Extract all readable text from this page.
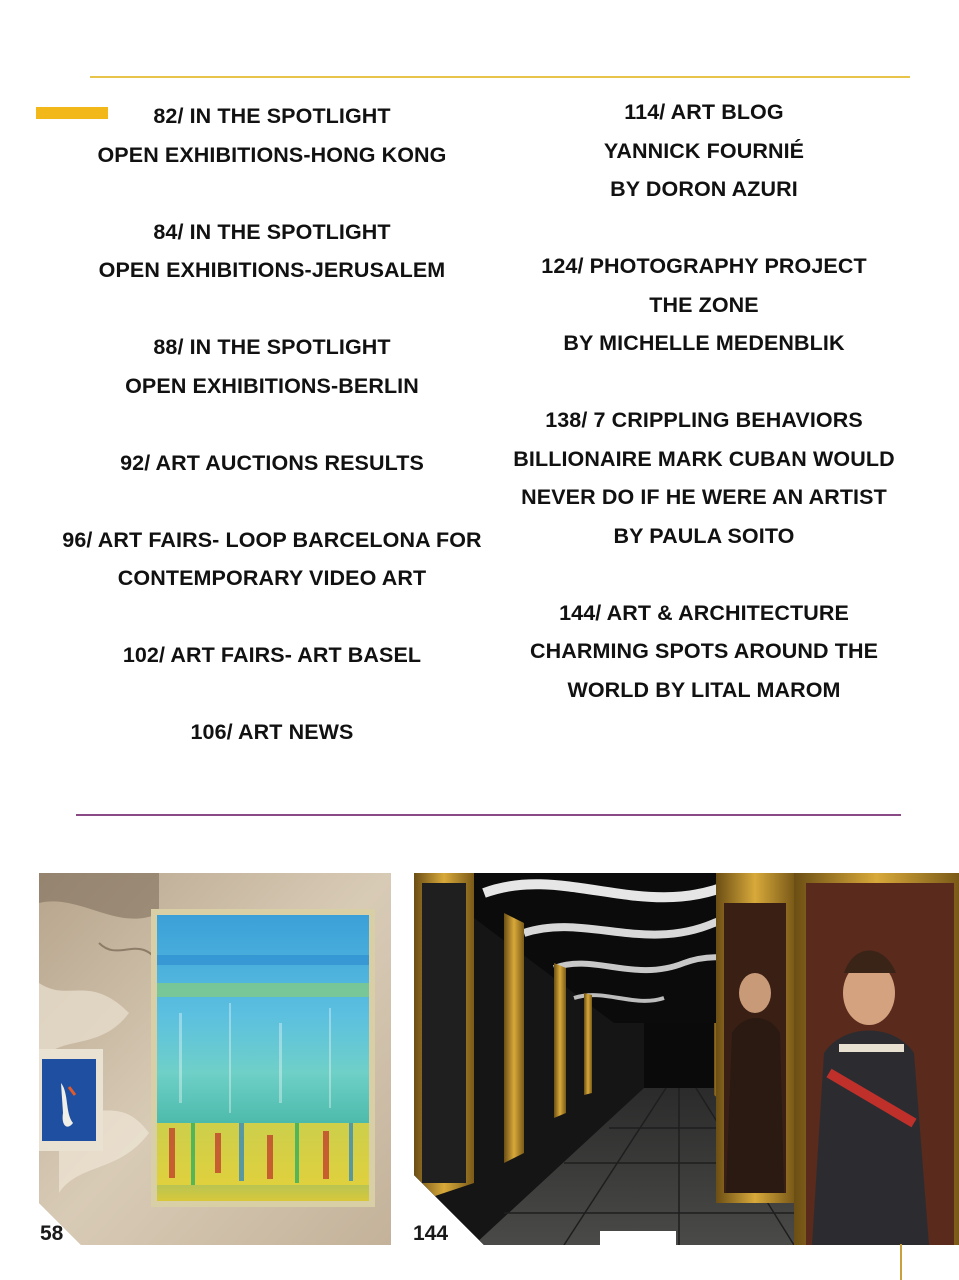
82/ IN THE SPOTLIGHT
OPEN EXHIBITIONS-HONG KONG
84/ IN THE SPOTLIGHT
OPEN EXHIBITIONS-JERUSALEM
88/ IN THE SPOTLIGHT
OPEN EXHIBITIONS-BERLIN
92/ ART AUCTIONS RESULTS
96/ ART FAIRS- LOOP BARCELONA FOR
CONTEMPORARY VIDEO ART
102/ ART FAIRS- ART BASEL
106/ ART NEWS
114/ ART BLOG
YANNICK FOURNIÉ
BY DORON AZURI
124/ PHOTOGRAPHY PROJECT
THE ZONE
BY MICHELLE MEDENBLIK
138/ 7 CRIPPLING BEHAVIORS
BILLIONAIRE MARK CUBAN WOULD
NEVER DO IF HE WERE AN ARTIST
BY PAULA SOITO
144/ ART & ARCHITECTURE
CHARMING SPOTS AROUND THE
WORLD BY LITAL MAROM
58	144
